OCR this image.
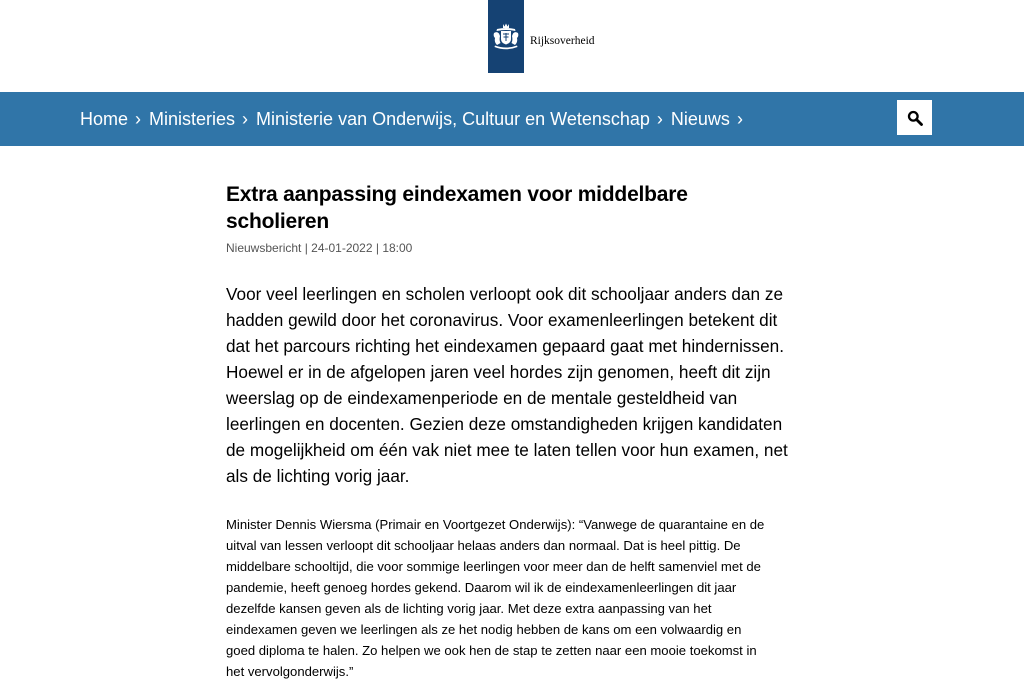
Rijksoverheid
Home › Ministeries › Ministerie van Onderwijs, Cultuur en Wetenschap › Nieuws ›
Extra aanpassing eindexamen voor middelbare scholieren
Nieuwsbericht | 24-01-2022 | 18:00

Voor veel leerlingen en scholen verloopt ook dit schooljaar anders dan ze hadden gewild door het coronavirus. Voor examenleerlingen betekent dit dat het parcours richting het eindexamen gepaard gaat met hindernissen. Hoewel er in de afgelopen jaren veel hordes zijn genomen, heeft dit zijn weerslag op de eindexamenperiode en de mentale gesteldheid van leerlingen en docenten. Gezien deze omstandigheden krijgen kandidaten de mogelijkheid om één vak niet mee te laten tellen voor hun examen, net als de lichting vorig jaar.

Minister Dennis Wiersma (Primair en Voortgezet Onderwijs): “Vanwege de quarantaine en de uitval van lessen verloopt dit schooljaar helaas anders dan normaal. Dat is heel pittig. De middelbare schooltijd, die voor sommige leerlingen voor meer dan de helft samenviel met de pandemie, heeft genoeg hordes gekend. Daarom wil ik de eindexamenleerlingen dit jaar dezelfde kansen geven als de lichting vorig jaar. Met deze extra aanpassing van het eindexamen geven we leerlingen als ze het nodig hebben de kans om een volwaardig en goed diploma te halen. Zo helpen we ook hen de stap te zetten naar een mooie toekomst in het vervolgonderwijs.”
